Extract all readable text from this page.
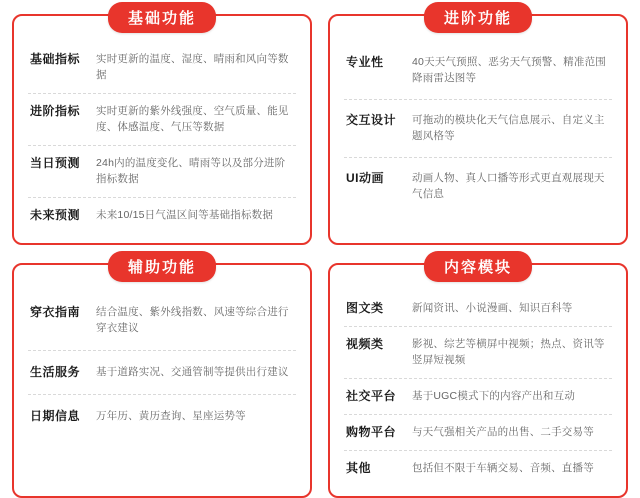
基础功能
基础指标	实时更新的温度、湿度、晴雨和风向等数据
进阶指标	实时更新的紫外线强度、空气质量、能见度、体感温度、气压等数据
当日预测	24h内的温度变化、晴雨等以及部分进阶指标数据
未来预测	未来10/15日气温区间等基础指标数据
进阶功能
专业性	40天天气预照、恶劣天气预警、精准范围降雨雷达图等
交互设计	可拖动的模块化天气信息展示、自定义主题风格等
UI动画	动画人物、真人口播等形式更直观展现天气信息
辅助功能
穿衣指南	结合温度、紫外线指数、风速等综合进行穿衣建议
生活服务	基于道路实况、交通管制等提供出行建议
日期信息	万年历、黄历查询、星座运势等
内容模块
图文类	新闻资讯、小说漫画、知识百科等
视频类	影视、综艺等横屏中视频；热点、资讯等竖屏短视频
社交平台	基于UGC模式下的内容产出和互动
购物平台	与天气强相关产品的出售、二手交易等
其他	包括但不限于车辆交易、音频、直播等
